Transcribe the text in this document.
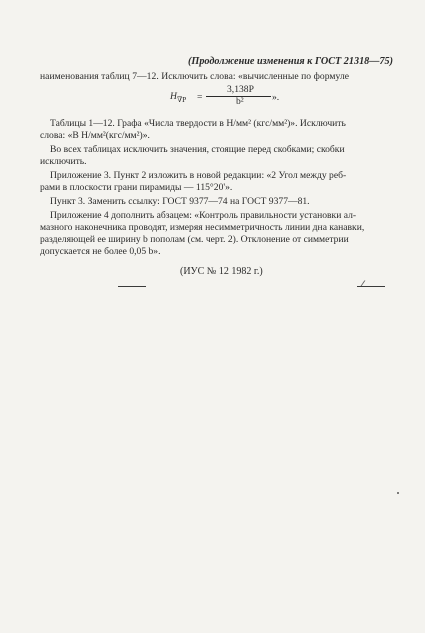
(Продолжение изменения к ГОСТ 21318—75)
наименования таблиц 7—12. Исключить слова: «вычисленные по формуле
$H_{\nabla P}$ =
3,138P
b²	».
Таблицы 1—12. Графа «Числа твердости в Н/мм² (кгс/мм²)». Исключить
слова: «В Н/мм²(кгс/мм²)».
Во всех таблицах исключить значения, стоящие перед скобками; скобки
исключить.
Приложение 3. Пункт 2 изложить в новой редакции: «2 Угол между реб-
рами в плоскости грани пирамиды — 115°20'».
Пункт 3. Заменить ссылку: ГОСТ 9377—74 на ГОСТ 9377—81.
Приложение 4 дополнить абзацем: «Контроль правильности установки ал-
мазного наконечника проводят, измеряя несимметричность линии дна канавки,
разделяющей ее ширину b пополам (см. черт. 2). Отклонение от симметрии
допускается не более 0,05 b».
(ИУС № 12 1982 г.)
⁄⁄⁄
